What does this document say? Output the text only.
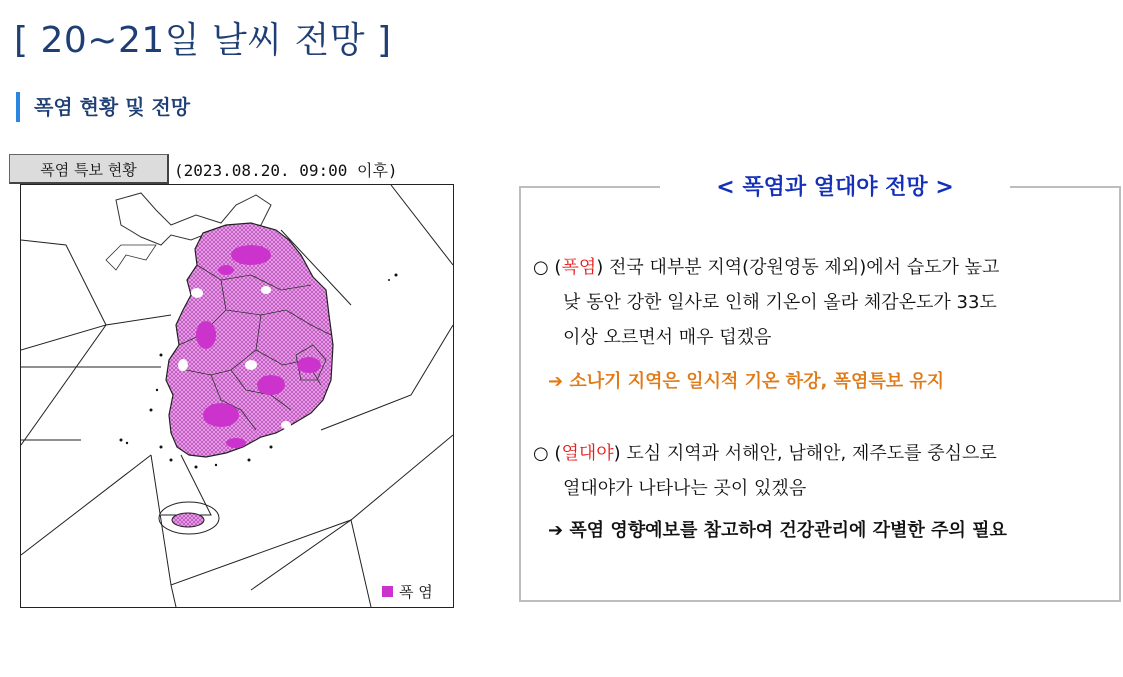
[ 20~21일 날씨 전망 ]
폭염 현황 및 전망
폭염 특보 현황	(2023.08.20. 09:00 이후)
폭 염
< 폭염과 열대야 전망 >
○ (폭염) 전국 대부분 지역(강원영동 제외)에서 습도가 높고
낮 동안 강한 일사로 인해 기온이 올라 체감온도가 33도
이상 오르면서 매우 덥겠음
➔ 소나기 지역은 일시적 기온 하강, 폭염특보 유지
○ (열대야) 도심 지역과 서해안, 남해안, 제주도를 중심으로
열대야가 나타나는 곳이 있겠음
➔ 폭염 영향예보를 참고하여 건강관리에 각별한 주의 필요
